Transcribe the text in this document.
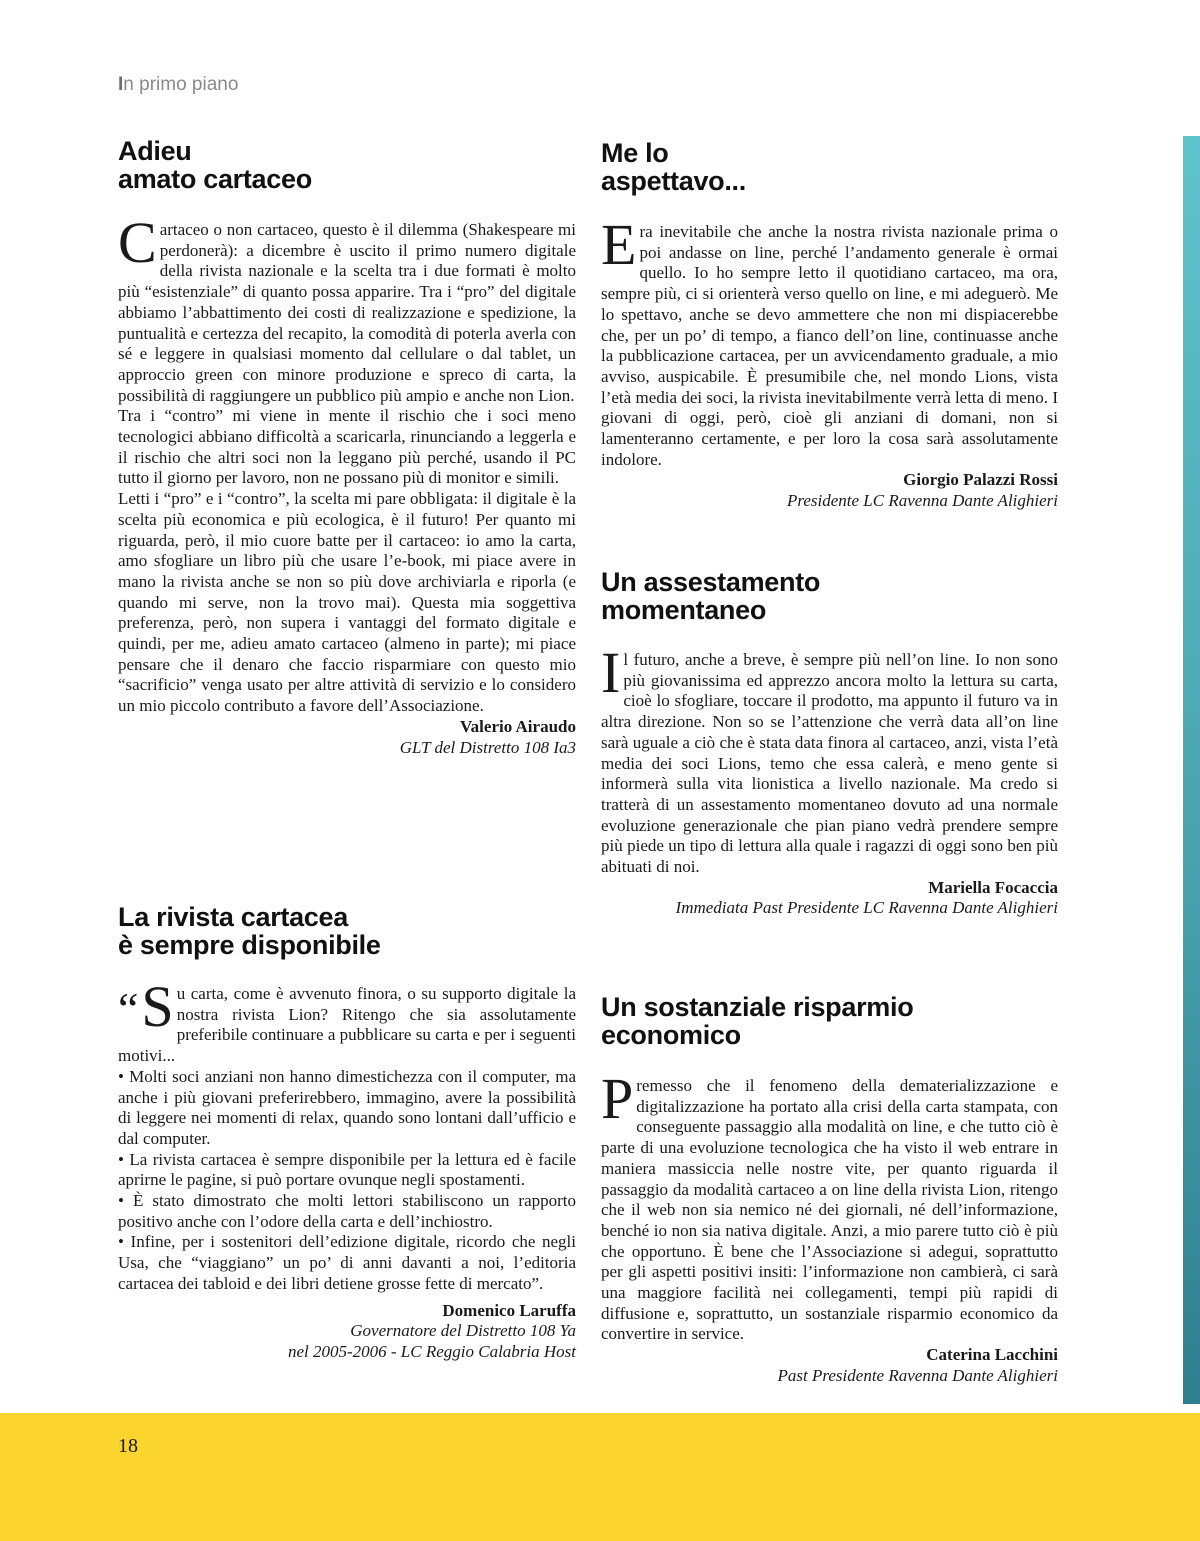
In primo piano
Adieu
amato cartaceo

Cartaceo o non cartaceo, questo è il dilemma (Shakespeare mi perdonerà): a dicembre è uscito il primo numero digitale della rivista nazionale e la scelta tra i due formati è molto più “esistenziale” di quanto possa apparire. Tra i “pro” del digitale abbiamo l’abbattimento dei costi di realizzazione e spedizione, la puntualità e certezza del recapito, la comodità di poterla averla con sé e leggere in qualsiasi momento dal cellulare o dal tablet, un approccio green con minore produzione e spreco di carta, la possibilità di raggiungere un pubblico più ampio e anche non Lion.

Tra i “contro” mi viene in mente il rischio che i soci meno tecnologici abbiano difficoltà a scaricarla, rinunciando a leggerla e il rischio che altri soci non la leggano più perché, usando il PC tutto il giorno per lavoro, non ne possano più di monitor e simili.

Letti i “pro” e i “contro”, la scelta mi pare obbligata: il digitale è la scelta più economica e più ecologica, è il futuro! Per quanto mi riguarda, però, il mio cuore batte per il cartaceo: io amo la carta, amo sfogliare un libro più che usare l’e-book, mi piace avere in mano la rivista anche se non so più dove archiviarla e riporla (e quando mi serve, non la trovo mai). Questa mia soggettiva preferenza, però, non supera i vantaggi del formato digitale e quindi, per me, adieu amato cartaceo (almeno in parte); mi piace pensare che il denaro che faccio risparmiare con questo mio “sacrificio” venga usato per altre attività di servizio e lo considero un mio piccolo contributo a favore dell’Associazione.

Valerio Airaudo

GLT del Distretto 108 Ia3

La rivista cartacea
è sempre disponibile

“ S u carta, come è avvenuto finora, o su supporto digitale la nostra rivista Lion? Ritengo che sia assolutamente preferibile continuare a pubblicare su carta e per i seguenti motivi...

• Molti soci anziani non hanno dimestichezza con il computer, ma anche i più giovani preferirebbero, immagino, avere la possibilità di leggere nei momenti di relax, quando sono lontani dall’ufficio e dal computer.

• La rivista cartacea è sempre disponibile per la lettura ed è facile aprirne le pagine, si può portare ovunque negli spostamenti.

• È stato dimostrato che molti lettori stabiliscono un rapporto positivo anche con l’odore della carta e dell’inchiostro.

• Infine, per i sostenitori dell’edizione digitale, ricordo che negli Usa, che “viaggiano” un po’ di anni davanti a noi, l’editoria cartacea dei tabloid e dei libri detiene grosse fette di mercato”.

Domenico Laruffa

Governatore del Distretto 108 Ya

nel 2005-2006 - LC Reggio Calabria Host

Me lo
aspettavo...

Era inevitabile che anche la nostra rivista nazionale prima o poi andasse on line, perché l’andamento generale è ormai quello. Io ho sempre letto il quotidiano cartaceo, ma ora, sempre più, ci si orienterà verso quello on line, e mi adeguerò. Me lo spettavo, anche se devo ammettere che non mi dispiacerebbe che, per un po’ di tempo, a fianco dell’on line, continuasse anche la pubblicazione cartacea, per un avvicendamento graduale, a mio avviso, auspicabile. È presumibile che, nel mondo Lions, vista l’età media dei soci, la rivista inevitabilmente verrà letta di meno. I giovani di oggi, però, cioè gli anziani di domani, non si lamenteranno certamente, e per loro la cosa sarà assolutamente indolore.

Giorgio Palazzi Rossi

Presidente LC Ravenna Dante Alighieri

Un assestamento
momentaneo

Il futuro, anche a breve, è sempre più nell’on line. Io non sono più giovanissima ed apprezzo ancora molto la lettura su carta, cioè lo sfogliare, toccare il prodotto, ma appunto il futuro va in altra direzione. Non so se l’attenzione che verrà data all’on line sarà uguale a ciò che è stata data finora al cartaceo, anzi, vista l’età media dei soci Lions, temo che essa calerà, e meno gente si informerà sulla vita lionistica a livello nazionale. Ma credo si tratterà di un assestamento momentaneo dovuto ad una normale evoluzione generazionale che pian piano vedrà prendere sempre più piede un tipo di lettura alla quale i ragazzi di oggi sono ben più abituati di noi.

Mariella Focaccia

Immediata Past Presidente LC Ravenna Dante Alighieri

Un sostanziale risparmio
economico

Premesso che il fenomeno della dematerializzazione e digitalizzazione ha portato alla crisi della carta stampata, con conseguente passaggio alla modalità on line, e che tutto ciò è parte di una evoluzione tecnologica che ha visto il web entrare in maniera massiccia nelle nostre vite, per quanto riguarda il passaggio da modalità cartaceo a on line della rivista Lion, ritengo che il web non sia nemico né dei giornali, né dell’informazione, benché io non sia nativa digitale. Anzi, a mio parere tutto ciò è più che opportuno. È bene che l’Associazione si adegui, soprattutto per gli aspetti positivi insiti: l’informazione non cambierà, ci sarà una maggiore facilità nei collegamenti, tempi più rapidi di diffusione e, soprattutto, un sostanziale risparmio economico da convertire in service.

Caterina Lacchini

Past Presidente Ravenna Dante Alighieri

18
